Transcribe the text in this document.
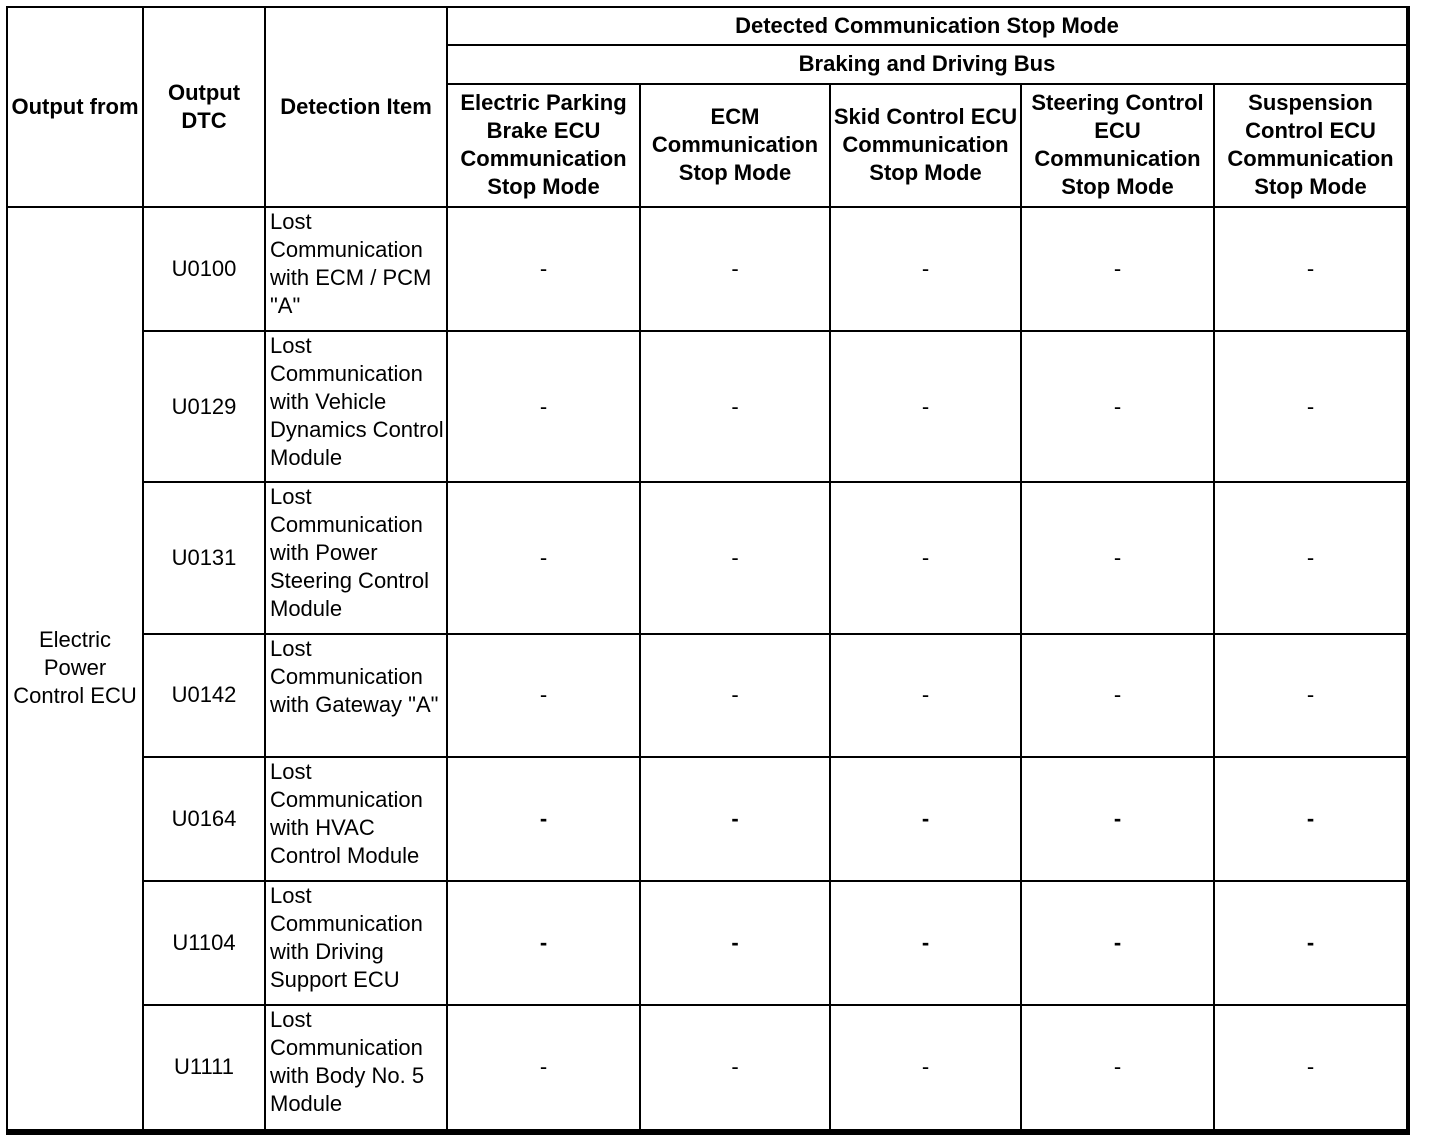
Output from	Output DTC	Detection Item	Detected Communication Stop Mode				
			Braking and Driving Bus				
			Electric Parking Brake ECU Communication Stop Mode	ECM Communication Stop Mode	Skid Control ECU Communication Stop Mode	Steering Control ECU Communication Stop Mode	Suspension Control ECU Communication Stop Mode
Electric Power Control ECU	U0100	Lost Communication with ECM / PCM "A"	-	-	-	-	-
	U0129	Lost Communication with Vehicle Dynamics Control Module	-	-	-	-	-
	U0131	Lost Communication with Power Steering Control Module	-	-	-	-	-
	U0142	Lost Communication with Gateway "A"	-	-	-	-	-
	U0164	Lost Communication with HVAC Control Module	-	-	-	-	-
	U1104	Lost Communication with Driving Support ECU	-	-	-	-	-
	U1111	Lost Communication with Body No. 5 Module	-	-	-	-	-
